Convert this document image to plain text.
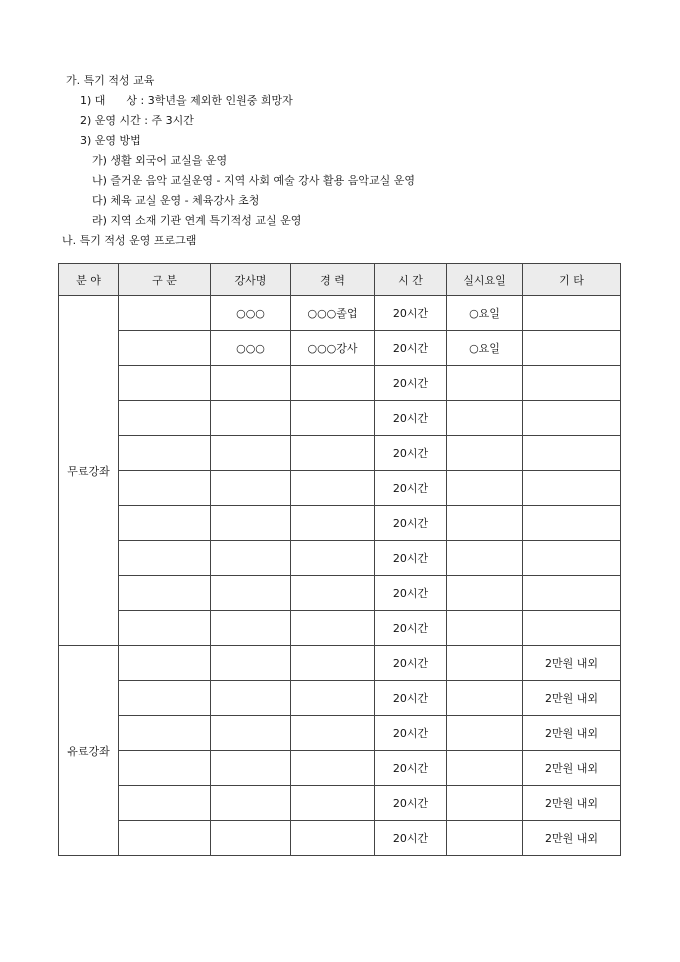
가. 특기 적성 교육
1) 대      상 : 3학년을 제외한 인원중 희망자
2) 운영 시간 : 주 3시간
3) 운영 방법
가) 생활 외국어 교실을 운영
나) 즐거운 음악 교실운영 - 지역 사회 예술 강사 활용 음악교실 운영
다) 체육 교실 운영 - 체육강사 초청
라) 지역 소재 기관 연계 특기적성 교실 운영
나. 특기 적성 운영 프로그램
분 야	구 분	강사명	경 력	시 간	실시요일	기 타
무료강좌		○○○	○○○졸업	20시간	○요일	
		○○○	○○○강사	20시간	○요일	
				20시간		
				20시간		
				20시간		
				20시간		
				20시간		
				20시간		
				20시간		
				20시간		
유료강좌				20시간		2만원 내외
				20시간		2만원 내외
				20시간		2만원 내외
				20시간		2만원 내외
				20시간		2만원 내외
				20시간		2만원 내외
